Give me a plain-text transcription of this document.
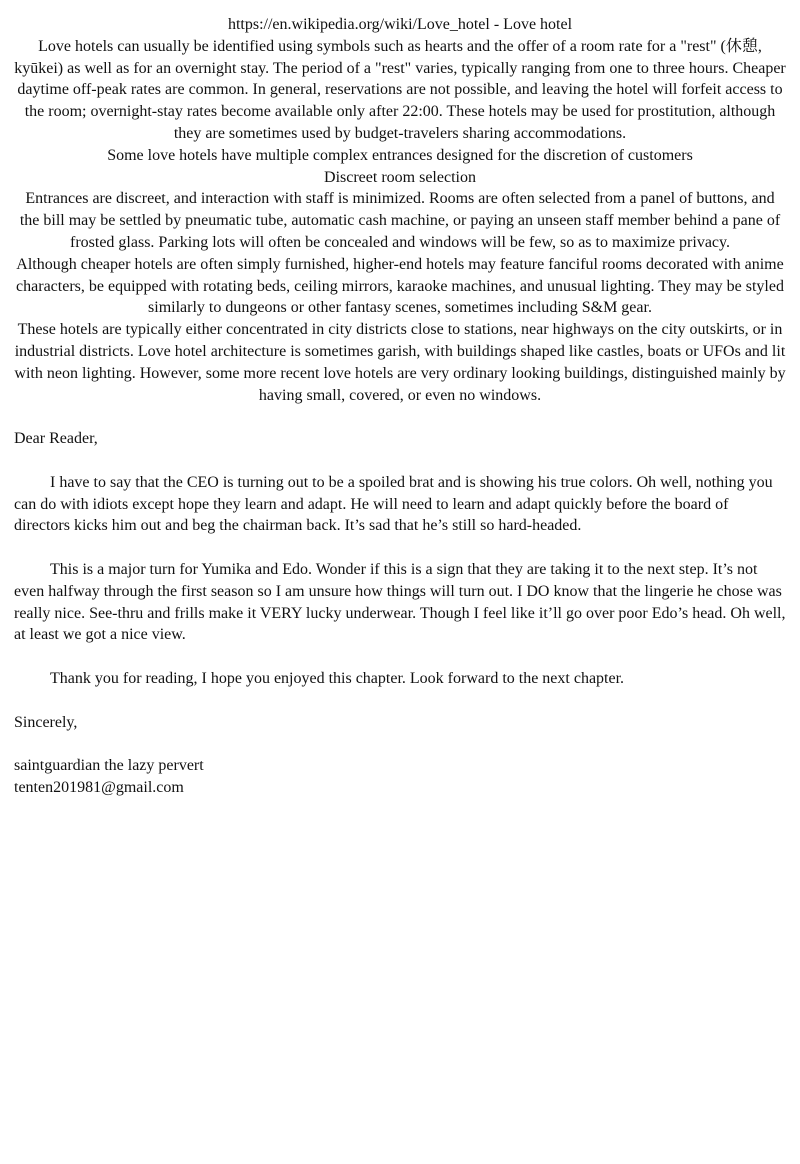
https://en.wikipedia.org/wiki/Love_hotel - Love hotel

Love hotels can usually be identified using symbols such as hearts and the offer of a room rate for a "rest" (休憩, kyūkei) as well as for an overnight stay. The period of a "rest" varies, typically ranging from one to three hours. Cheaper daytime off-peak rates are common. In general, reservations are not possible, and leaving the hotel will forfeit access to the room; overnight-stay rates become available only after 22:00. These hotels may be used for prostitution, although they are sometimes used by budget-travelers sharing accommodations.

Some love hotels have multiple complex entrances designed for the discretion of customers

Discreet room selection

Entrances are discreet, and interaction with staff is minimized. Rooms are often selected from a panel of buttons, and the bill may be settled by pneumatic tube, automatic cash machine, or paying an unseen staff member behind a pane of frosted glass. Parking lots will often be concealed and windows will be few, so as to maximize privacy.

Although cheaper hotels are often simply furnished, higher-end hotels may feature fanciful rooms decorated with anime characters, be equipped with rotating beds, ceiling mirrors, karaoke machines, and unusual lighting. They may be styled similarly to dungeons or other fantasy scenes, sometimes including S&M gear.

These hotels are typically either concentrated in city districts close to stations, near highways on the city outskirts, or in industrial districts. Love hotel architecture is sometimes garish, with buildings shaped like castles, boats or UFOs and lit with neon lighting. However, some more recent love hotels are very ordinary looking buildings, distinguished mainly by having small, covered, or even no windows.

Dear Reader,

I have to say that the CEO is turning out to be a spoiled brat and is showing his true colors. Oh well, nothing you can do with idiots except hope they learn and adapt. He will need to learn and adapt quickly before the board of directors kicks him out and beg the chairman back. It’s sad that he’s still so hard-headed.

This is a major turn for Yumika and Edo. Wonder if this is a sign that they are taking it to the next step. It’s not even halfway through the first season so I am unsure how things will turn out. I DO know that the lingerie he chose was really nice. See-thru and frills make it VERY lucky underwear. Though I feel like it’ll go over poor Edo’s head. Oh well, at least we got a nice view.

Thank you for reading, I hope you enjoyed this chapter. Look forward to the next chapter.

Sincerely,

saintguardian the lazy pervert

tenten201981@gmail.com
